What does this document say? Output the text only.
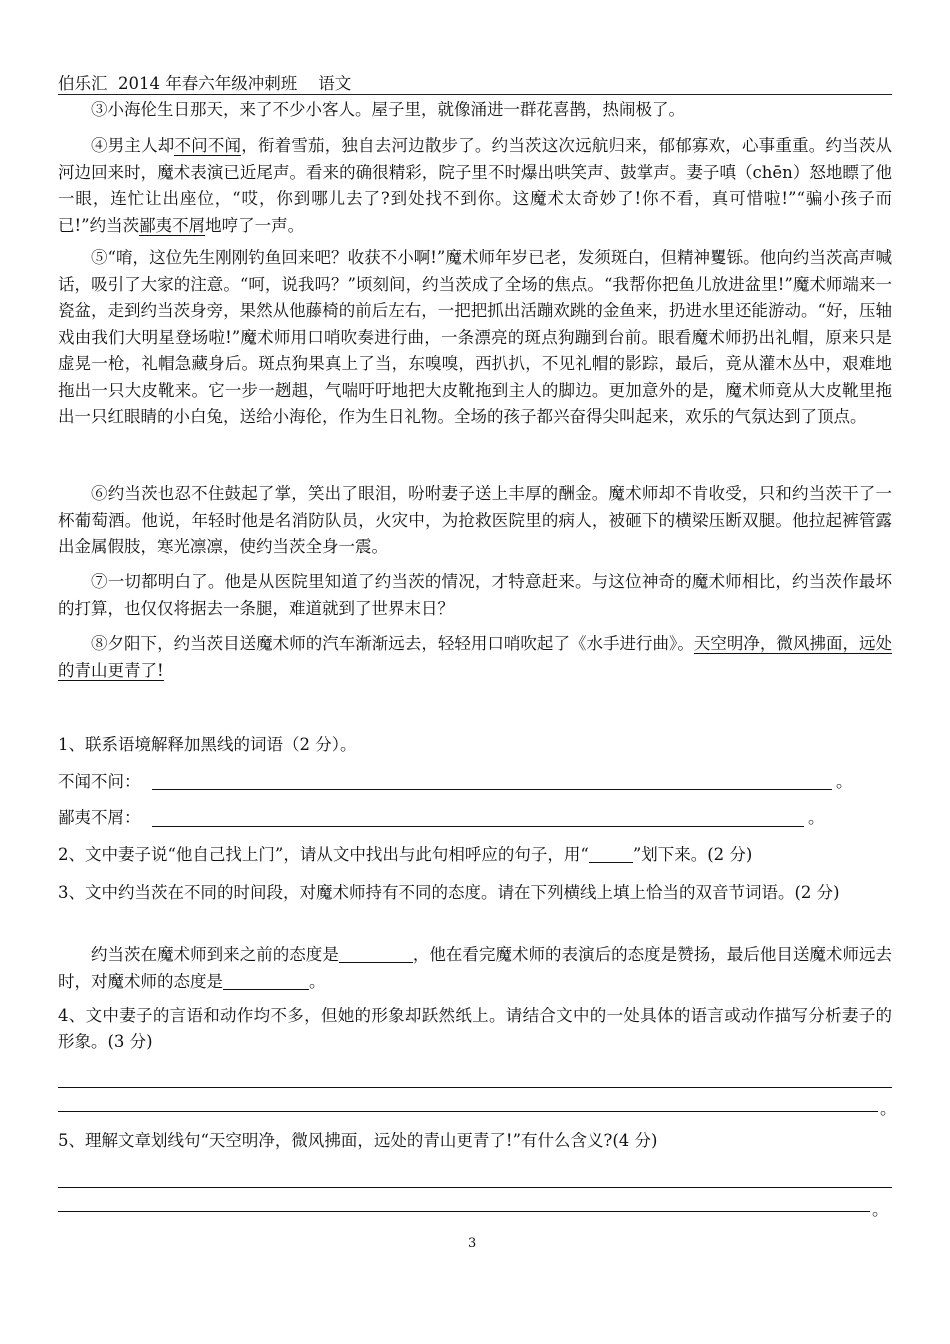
伯乐汇  2014 年春六年级冲刺班    语文

③小海伦生日那天，来了不少小客人。屋子里，就像涌进一群花喜鹊，热闹极了。

④男主人却不问不闻，衔着雪茄，独自去河边散步了。约当茨这次远航归来，郁郁寡欢，心事重重。约当茨从河边回来时，魔术表演已近尾声。看来的确很精彩，院子里不时爆出哄笑声、鼓掌声。妻子嗔（chēn）怒地瞟了他一眼，连忙让出座位，“哎，你到哪儿去了?到处找不到你。这魔术太奇妙了!你不看，真可惜啦!”“骗小孩子而已!”约当茨鄙夷不屑地哼了一声。

⑤“唷，这位先生刚刚钓鱼回来吧？收获不小啊!”魔术师年岁已老，发须斑白，但精神矍铄。他向约当茨高声喊话，吸引了大家的注意。“呵，说我吗？”顷刻间，约当茨成了全场的焦点。“我帮你把鱼儿放进盆里!”魔术师端来一瓷盆，走到约当茨身旁，果然从他藤椅的前后左右，一把把抓出活蹦欢跳的金鱼来，扔进水里还能游动。“好，压轴戏由我们大明星登场啦!”魔术师用口哨吹奏进行曲，一条漂亮的斑点狗蹦到台前。眼看魔术师扔出礼帽，原来只是虚晃一枪，礼帽急藏身后。斑点狗果真上了当，东嗅嗅，西扒扒，不见礼帽的影踪，最后，竟从灌木丛中，艰难地拖出一只大皮靴来。它一步一趔趄，气喘吁吁地把大皮靴拖到主人的脚边。更加意外的是，魔术师竟从大皮靴里拖出一只红眼睛的小白兔，送给小海伦，作为生日礼物。全场的孩子都兴奋得尖叫起来，欢乐的气氛达到了顶点。

⑥约当茨也忍不住鼓起了掌，笑出了眼泪，吩咐妻子送上丰厚的酬金。魔术师却不肯收受，只和约当茨干了一杯葡萄酒。他说，年轻时他是名消防队员，火灾中，为抢救医院里的病人，被砸下的横梁压断双腿。他拉起裤管露出金属假肢，寒光凛凛，使约当茨全身一震。

⑦一切都明白了。他是从医院里知道了约当茨的情况，才特意赶来。与这位神奇的魔术师相比，约当茨作最坏的打算，也仅仅将据去一条腿，难道就到了世界末日？

⑧夕阳下，约当茨目送魔术师的汽车渐渐远去，轻轻用口哨吹起了《水手进行曲》。天空明净，微风拂面，远处的青山更青了!

1、联系语境解释加黑线的词语（2 分）。

不闻不问：	。

鄙夷不屑：	。

2、文中妻子说“他自己找上门”，请从文中找出与此句相呼应的句子，用“	”划下来。(2 分)

3、文中约当茨在不同的时间段，对魔术师持有不同的态度。请在下列横线上填上恰当的双音节词语。(2 分)

约当茨在魔术师到来之前的态度是	，他在看完魔术师的表演后的态度是赞扬，最后他目送魔术师远去时，对魔术师的态度是	。

4、文中妻子的言语和动作均不多，但她的形象却跃然纸上。请结合文中的一处具体的语言或动作描写分析妻子的形象。(3 分)

。

5、理解文章划线句“天空明净，微风拂面，远处的青山更青了!”有什么含义?(4 分)

。

3
